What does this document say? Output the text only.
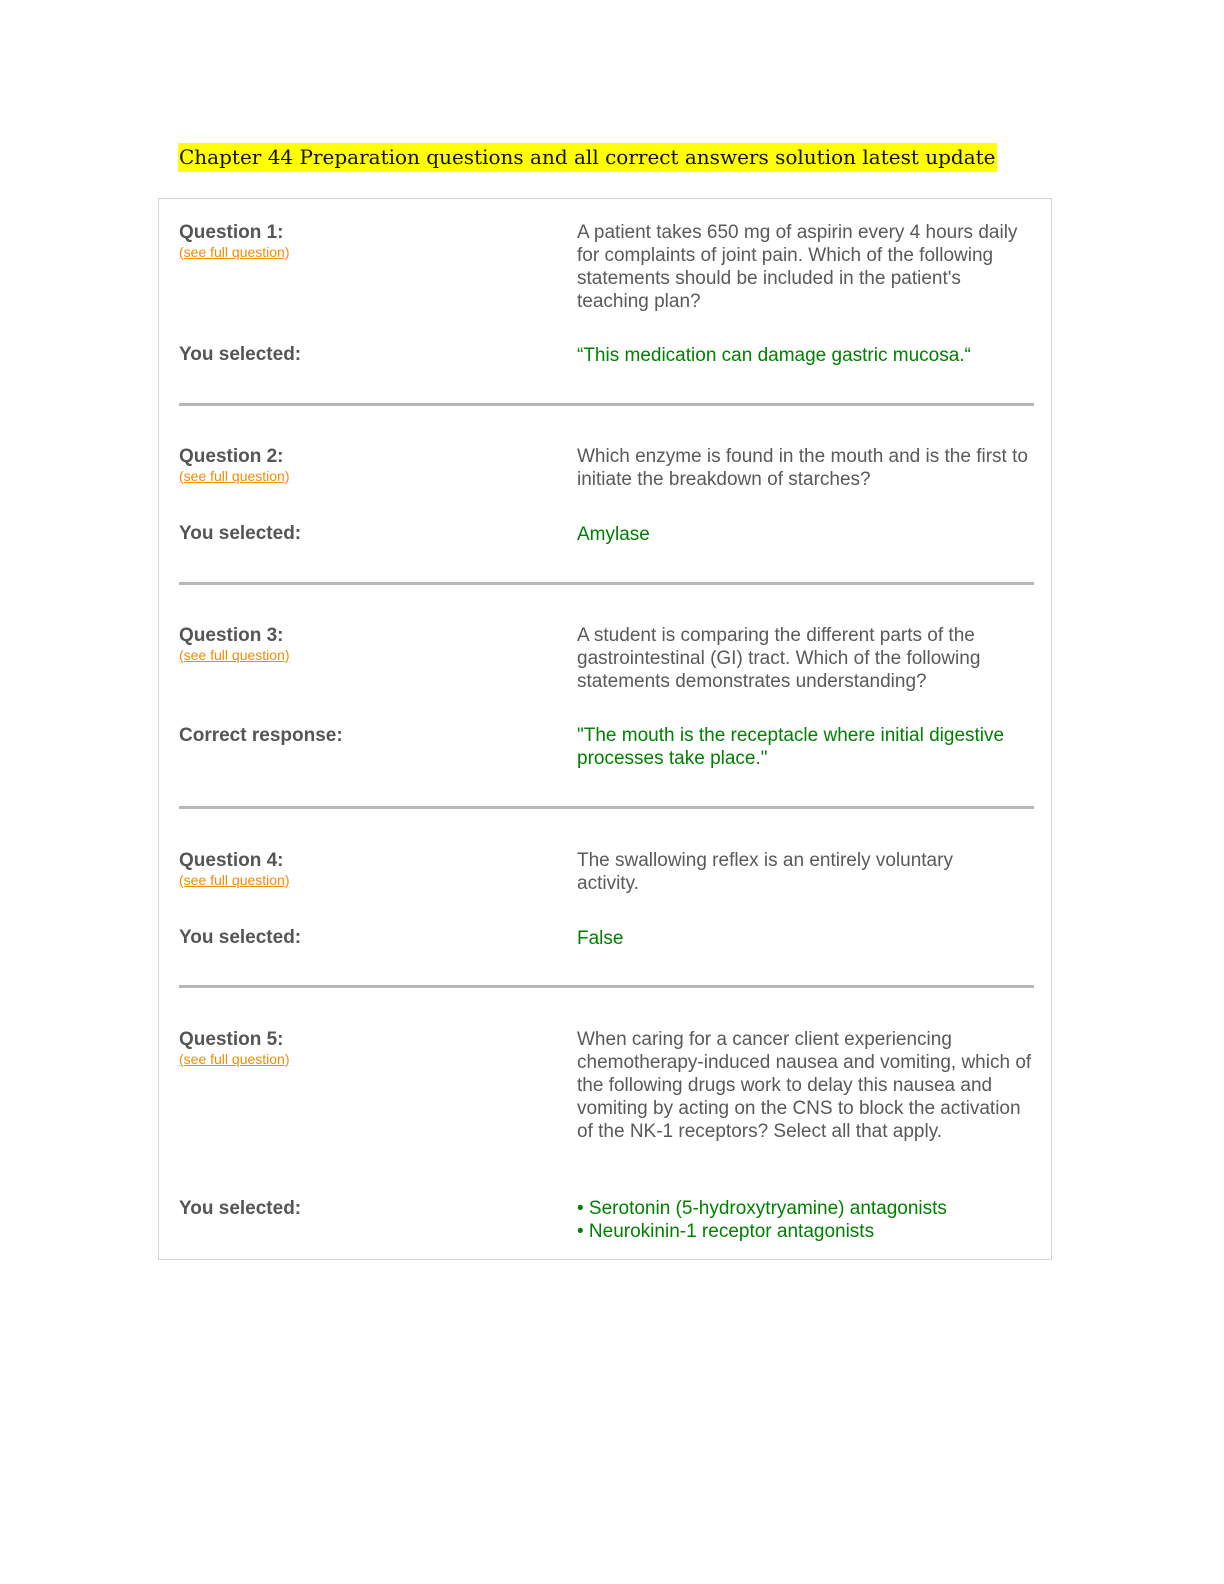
Chapter 44 Preparation questions and all correct answers solution latest update
Question 1:
(see full question)
A patient takes 650 mg of aspirin every 4 hours daily for complaints of joint pain. Which of the following statements should be included in the patient's teaching plan?
You selected:	“This medication can damage gastric mucosa.“
Question 2:
(see full question)
Which enzyme is found in the mouth and is the first to initiate the breakdown of starches?
You selected:	Amylase
Question 3:
(see full question)
A student is comparing the different parts of the gastrointestinal (GI) tract. Which of the following statements demonstrates understanding?
Correct response:	"The mouth is the receptacle where initial digestive processes take place."
Question 4:
(see full question)
The swallowing reflex is an entirely voluntary activity.
You selected:	False
Question 5:
(see full question)
When caring for a cancer client experiencing chemotherapy-induced nausea and vomiting, which of the following drugs work to delay this nausea and vomiting by acting on the CNS to block the activation of the NK-1 receptors? Select all that apply.
You selected:	• Serotonin (5-hydroxytryamine) antagonists
• Neurokinin-1 receptor antagonists
